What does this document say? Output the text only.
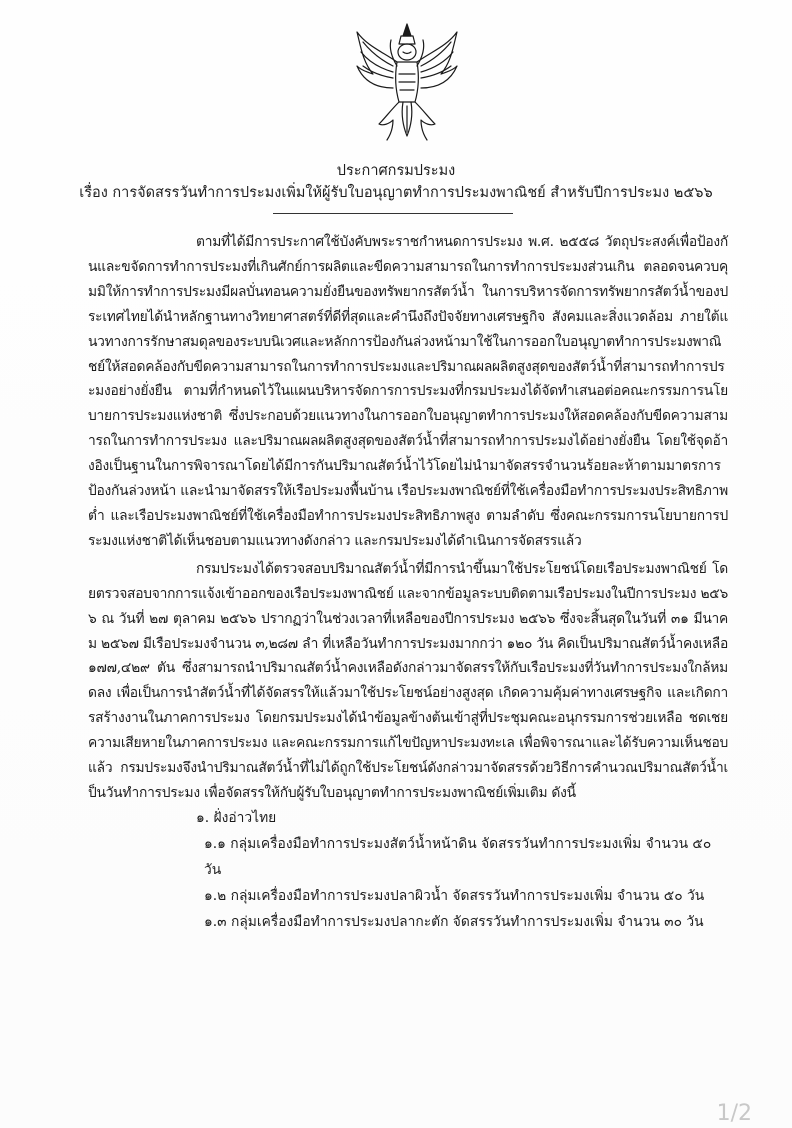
ประกาศกรมประมง
เรื่อง การจัดสรรวันทำการประมงเพิ่มให้ผู้รับใบอนุญาตทำการประมงพาณิชย์ สำหรับปีการประมง ๒๕๖๖

ตามที่ได้มีการประกาศใช้บังคับพระราชกำหนดการประมง พ.ศ. ๒๕๕๘ วัตถุประสงค์เพื่อป้องกันและขจัดการทำการประมงที่เกินศักย์การผลิตและขีดความสามารถในการทำการประมงส่วนเกิน ตลอดจนควบคุมมิให้การทำการประมงมีผลบั่นทอนความยั่งยืนของทรัพยากรสัตว์น้ำ ในการบริหารจัดการทรัพยากรสัตว์น้ำของประเทศไทยได้นำหลักฐานทางวิทยาศาสตร์ที่ดีที่สุดและคำนึงถึงปัจจัยทางเศรษฐกิจ สังคมและสิ่งแวดล้อม ภายใต้แนวทางการรักษาสมดุลของระบบนิเวศและหลักการป้องกันล่วงหน้ามาใช้ในการออกใบอนุญาตทำการประมงพาณิชย์ให้สอดคล้องกับขีดความสามารถในการทำการประมงและปริมาณผลผลิตสูงสุดของสัตว์น้ำที่สามารถทำการประมงอย่างยั่งยืน ตามที่กำหนดไว้ในแผนบริหารจัดการการประมงที่กรมประมงได้จัดทำเสนอต่อคณะกรรมการนโยบายการประมงแห่งชาติ ซึ่งประกอบด้วยแนวทางในการออกใบอนุญาตทำการประมงให้สอดคล้องกับขีดความสามารถในการทำการประมง และปริมาณผลผลิตสูงสุดของสัตว์น้ำที่สามารถทำการประมงได้อย่างยั่งยืน โดยใช้จุดอ้างอิงเป็นฐานในการพิจารณาโดยได้มีการกันปริมาณสัตว์น้ำไว้โดยไม่นำมาจัดสรรจำนวนร้อยละห้าตามมาตรการป้องกันล่วงหน้า และนำมาจัดสรรให้เรือประมงพื้นบ้าน เรือประมงพาณิชย์ที่ใช้เครื่องมือทำการประมงประสิทธิภาพต่ำ และเรือประมงพาณิชย์ที่ใช้เครื่องมือทำการประมงประสิทธิภาพสูง ตามลำดับ ซึ่งคณะกรรมการนโยบายการประมงแห่งชาติได้เห็นชอบตามแนวทางดังกล่าว และกรมประมงได้ดำเนินการจัดสรรแล้ว

กรมประมงได้ตรวจสอบปริมาณสัตว์น้ำที่มีการนำขึ้นมาใช้ประโยชน์โดยเรือประมงพาณิชย์ โดยตรวจสอบจากการแจ้งเข้าออกของเรือประมงพาณิชย์ และจากข้อมูลระบบติดตามเรือประมงในปีการประมง ๒๕๖๖ ณ วันที่ ๒๗ ตุลาคม ๒๕๖๖ ปรากฏว่าในช่วงเวลาที่เหลือของปีการประมง ๒๕๖๖ ซึ่งจะสิ้นสุดในวันที่ ๓๑ มีนาคม ๒๕๖๗ มีเรือประมงจำนวน ๓,๒๘๗ ลำ ที่เหลือวันทำการประมงมากกว่า ๑๒๐ วัน คิดเป็นปริมาณสัตว์น้ำคงเหลือ ๑๗๗,๔๒๙ ตัน ซึ่งสามารถนำปริมาณสัตว์น้ำคงเหลือดังกล่าวมาจัดสรรให้กับเรือประมงที่วันทำการประมงใกล้หมดลง เพื่อเป็นการนำสัตว์น้ำที่ได้จัดสรรให้แล้วมาใช้ประโยชน์อย่างสูงสุด เกิดความคุ้มค่าทางเศรษฐกิจ และเกิดการสร้างงานในภาคการประมง โดยกรมประมงได้นำข้อมูลข้างต้นเข้าสู่ที่ประชุมคณะอนุกรรมการช่วยเหลือ ชดเชย ความเสียหายในภาคการประมง และคณะกรรมการแก้ไขปัญหาประมงทะเล เพื่อพิจารณาและได้รับความเห็นชอบแล้ว กรมประมงจึงนำปริมาณสัตว์น้ำที่ไม่ได้ถูกใช้ประโยชน์ดังกล่าวมาจัดสรรด้วยวิธีการคำนวณปริมาณสัตว์น้ำเป็นวันทำการประมง เพื่อจัดสรรให้กับผู้รับใบอนุญาตทำการประมงพาณิชย์เพิ่มเติม ดังนี้

๑. ฝั่งอ่าวไทย
๑.๑ กลุ่มเครื่องมือทำการประมงสัตว์น้ำหน้าดิน จัดสรรวันทำการประมงเพิ่ม จำนวน ๕๐ วัน
๑.๒ กลุ่มเครื่องมือทำการประมงปลาผิวน้ำ จัดสรรวันทำการประมงเพิ่ม จำนวน ๕๐ วัน
๑.๓ กลุ่มเครื่องมือทำการประมงปลากะตัก จัดสรรวันทำการประมงเพิ่ม จำนวน ๓๐ วัน
1/2
